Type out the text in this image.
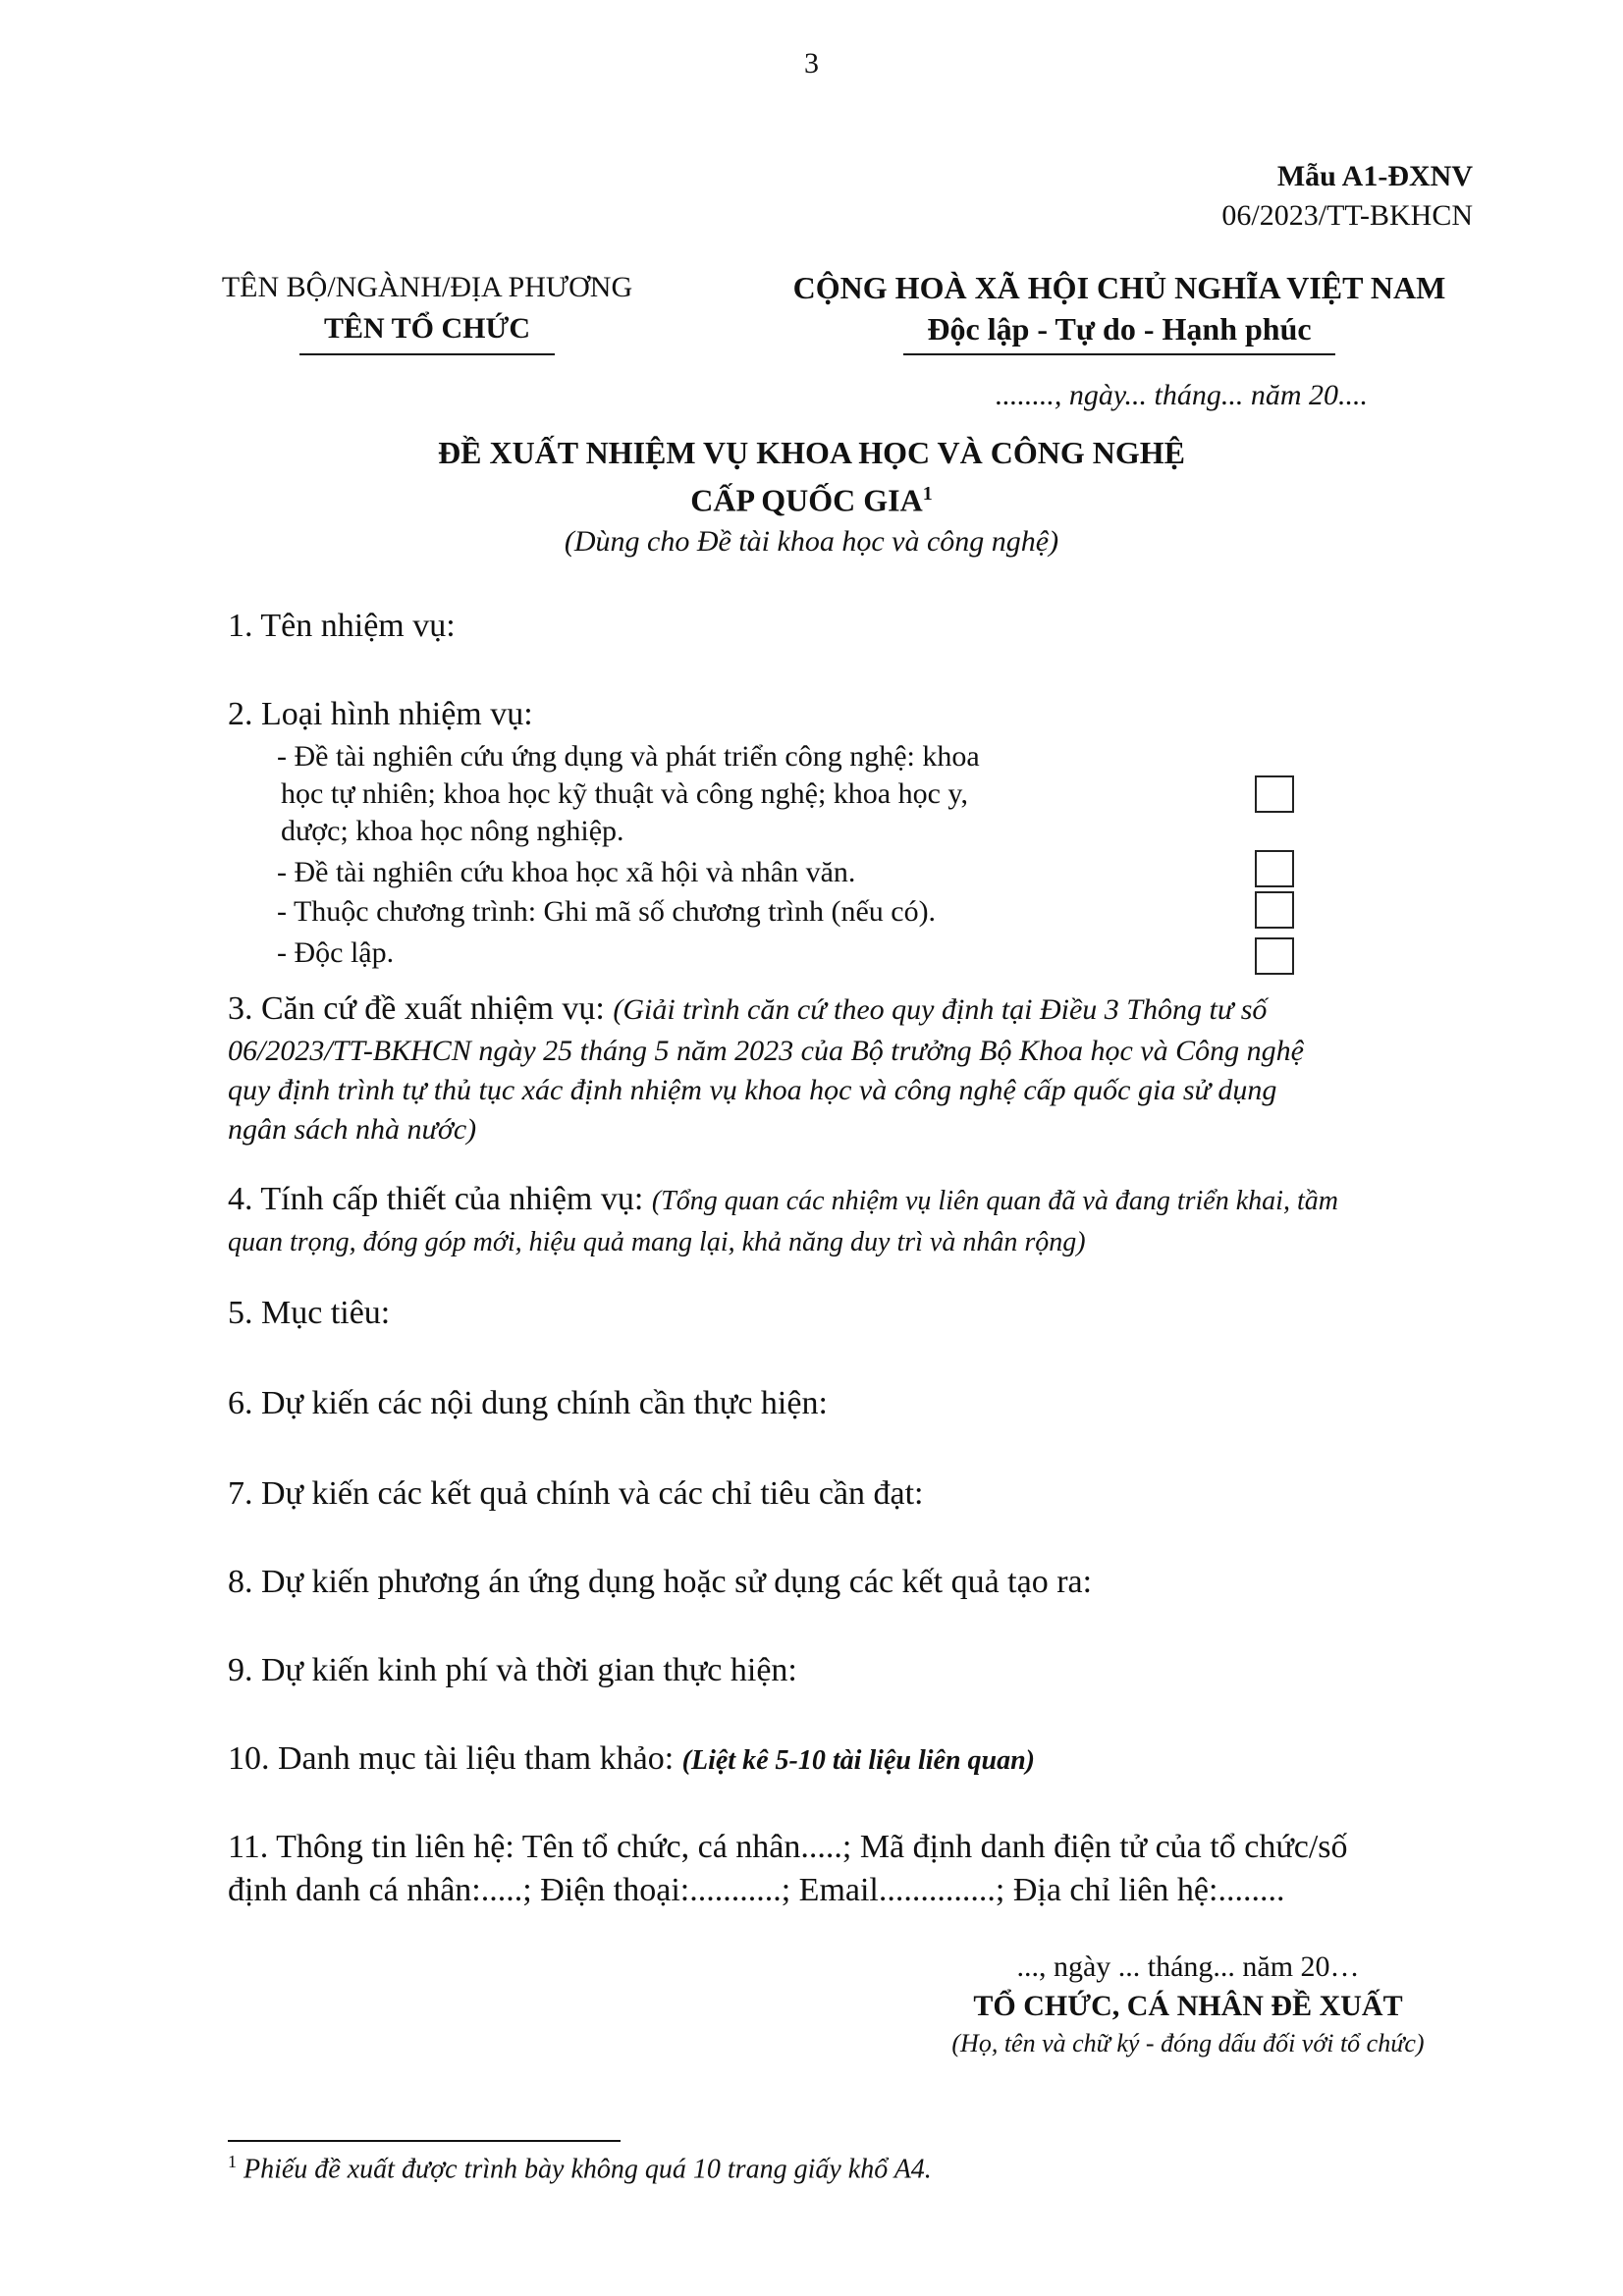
3
Mẫu A1-ĐXNV
06/2023/TT-BKHCN
TÊN BỘ/NGÀNH/ĐỊA PHƯƠNG
TÊN TỔ CHỨC
CỘNG HOÀ XÃ HỘI CHỦ NGHĨA VIỆT NAM
Độc lập - Tự do - Hạnh phúc
........, ngày... tháng... năm 20....
ĐỀ XUẤT NHIỆM VỤ KHOA HỌC VÀ CÔNG NGHỆ
CẤP QUỐC GIA$^1$
(Dùng cho Đề tài khoa học và công nghệ)
1. Tên nhiệm vụ:
2. Loại hình nhiệm vụ:
- Đề tài nghiên cứu ứng dụng và phát triển công nghệ: khoa
học tự nhiên; khoa học kỹ thuật và công nghệ; khoa học y,
dược; khoa học nông nghiệp.
- Đề tài nghiên cứu khoa học xã hội và nhân văn.
- Thuộc chương trình: Ghi mã số chương trình (nếu có).
- Độc lập.
3. Căn cứ đề xuất nhiệm vụ: (Giải trình căn cứ theo quy định tại Điều 3 Thông tư số
06/2023/TT-BKHCN ngày 25 tháng 5 năm 2023 của Bộ trưởng Bộ Khoa học và Công nghệ
quy định trình tự thủ tục xác định nhiệm vụ khoa học và công nghệ cấp quốc gia sử dụng
ngân sách nhà nước)
4. Tính cấp thiết của nhiệm vụ: (Tổng quan các nhiệm vụ liên quan đã và đang triển khai, tầm
quan trọng, đóng góp mới, hiệu quả mang lại, khả năng duy trì và nhân rộng)
5. Mục tiêu:
6. Dự kiến các nội dung chính cần thực hiện:
7. Dự kiến các kết quả chính và các chỉ tiêu cần đạt:
8. Dự kiến phương án ứng dụng hoặc sử dụng các kết quả tạo ra:
9. Dự kiến kinh phí và thời gian thực hiện:
10. Danh mục tài liệu tham khảo: (Liệt kê 5-10 tài liệu liên quan)
11. Thông tin liên hệ: Tên tổ chức, cá nhân.....; Mã định danh điện tử của tổ chức/số
định danh cá nhân:.....; Điện thoại:...........; Email..............; Địa chỉ liên hệ:........
..., ngày ... tháng... năm 20…
TỔ CHỨC, CÁ NHÂN ĐỀ XUẤT
(Họ, tên và chữ ký - đóng dấu đối với tổ chức)
$^1$ Phiếu đề xuất được trình bày không quá 10 trang giấy khổ A4.
